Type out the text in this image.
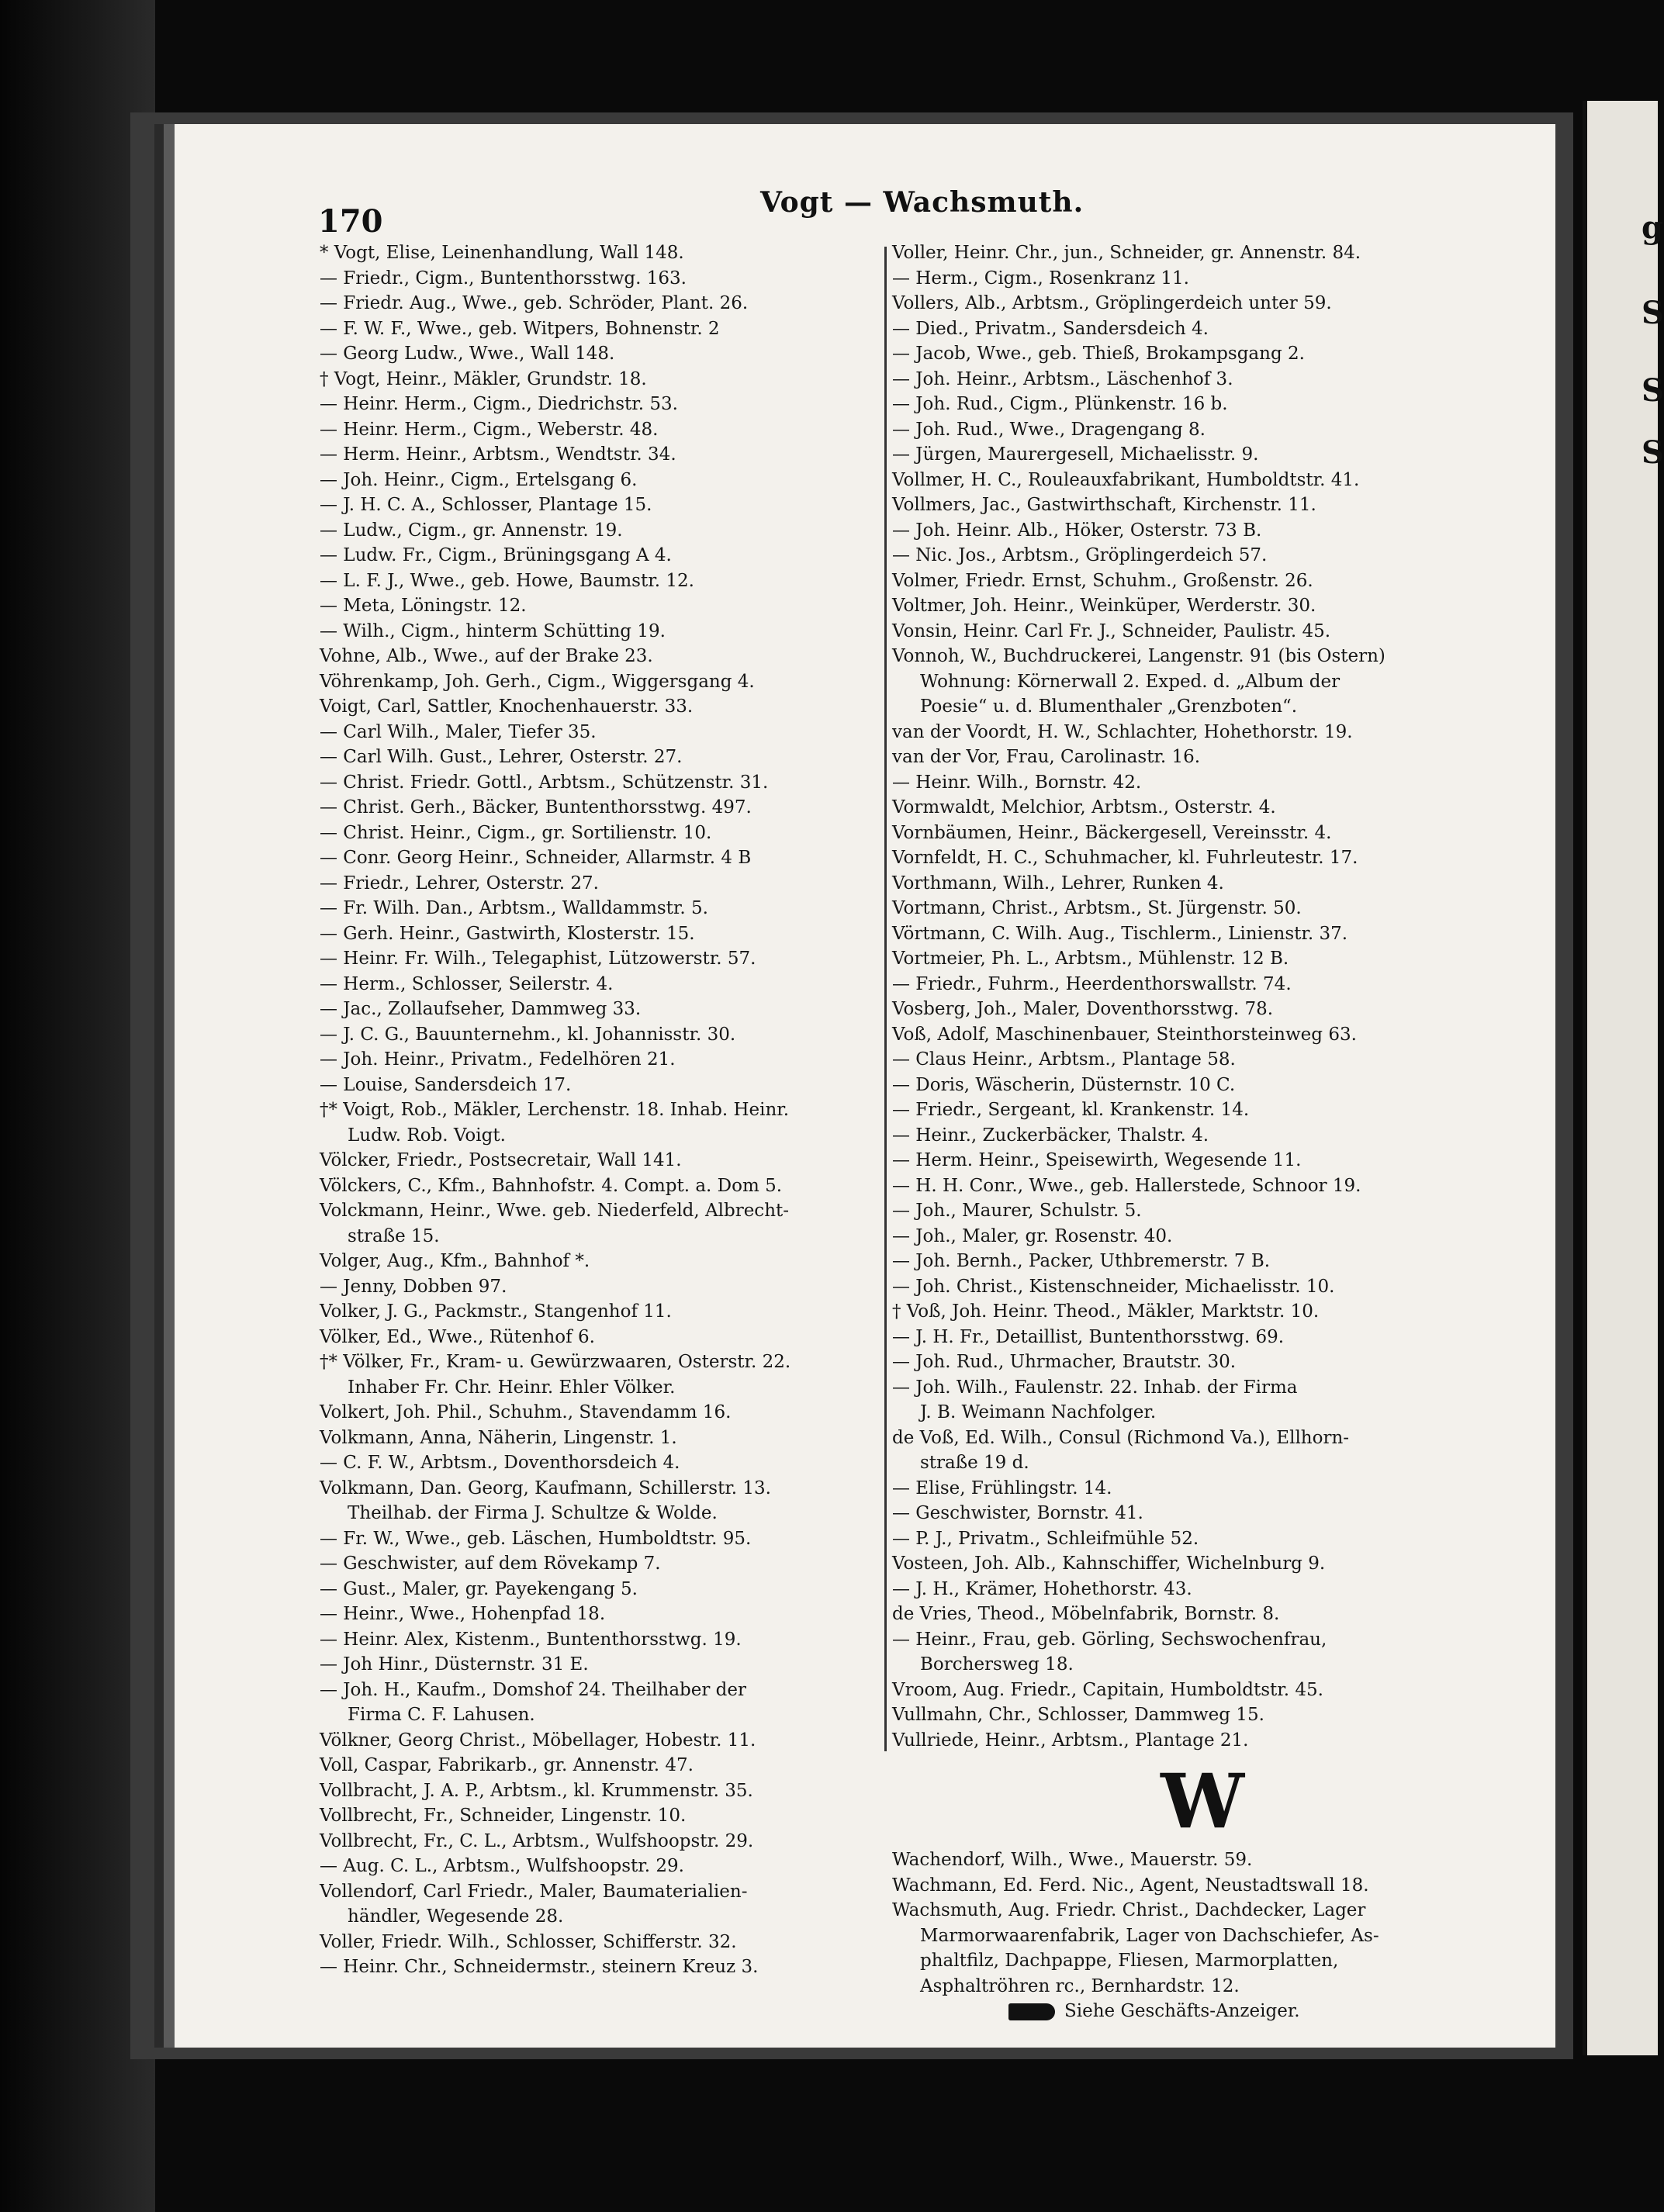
g
S
S
S
170
Vogt — Wachsmuth.
* Vogt, Elise, Leinenhandlung, Wall 148.
— Friedr., Cigm., Buntenthorsstwg. 163.
— Friedr. Aug., Wwe., geb. Schröder, Plant. 26.
— F. W. F., Wwe., geb. Witpers, Bohnenstr. 2
— Georg Ludw., Wwe., Wall 148.
† Vogt, Heinr., Mäkler, Grundstr. 18.
— Heinr. Herm., Cigm., Diedrichstr. 53.
— Heinr. Herm., Cigm., Weberstr. 48.
— Herm. Heinr., Arbtsm., Wendtstr. 34.
— Joh. Heinr., Cigm., Ertelsgang 6.
— J. H. C. A., Schlosser, Plantage 15.
— Ludw., Cigm., gr. Annenstr. 19.
— Ludw. Fr., Cigm., Brüningsgang A 4.
— L. F. J., Wwe., geb. Howe, Baumstr. 12.
— Meta, Löningstr. 12.
— Wilh., Cigm., hinterm Schütting 19.
Vohne, Alb., Wwe., auf der Brake 23.
Vöhrenkamp, Joh. Gerh., Cigm., Wiggersgang 4.
Voigt, Carl, Sattler, Knochenhauerstr. 33.
— Carl Wilh., Maler, Tiefer 35.
— Carl Wilh. Gust., Lehrer, Osterstr. 27.
— Christ. Friedr. Gottl., Arbtsm., Schützenstr. 31.
— Christ. Gerh., Bäcker, Buntenthorsstwg. 497.
— Christ. Heinr., Cigm., gr. Sortilienstr. 10.
— Conr. Georg Heinr., Schneider, Allarmstr. 4 B
— Friedr., Lehrer, Osterstr. 27.
— Fr. Wilh. Dan., Arbtsm., Walldammstr. 5.
— Gerh. Heinr., Gastwirth, Klosterstr. 15.
— Heinr. Fr. Wilh., Telegaphist, Lützowerstr. 57.
— Herm., Schlosser, Seilerstr. 4.
— Jac., Zollaufseher, Dammweg 33.
— J. C. G., Bauunternehm., kl. Johannisstr. 30.
— Joh. Heinr., Privatm., Fedelhören 21.
— Louise, Sandersdeich 17.
†* Voigt, Rob., Mäkler, Lerchenstr. 18. Inhab. Heinr.
Ludw. Rob. Voigt.
Völcker, Friedr., Postsecretair, Wall 141.
Völckers, C., Kfm., Bahnhofstr. 4. Compt. a. Dom 5.
Volckmann, Heinr., Wwe. geb. Niederfeld, Albrecht-
straße 15.
Volger, Aug., Kfm., Bahnhof *.
— Jenny, Dobben 97.
Volker, J. G., Packmstr., Stangenhof 11.
Völker, Ed., Wwe., Rütenhof 6.
†* Völker, Fr., Kram- u. Gewürzwaaren, Osterstr. 22.
Inhaber Fr. Chr. Heinr. Ehler Völker.
Volkert, Joh. Phil., Schuhm., Stavendamm 16.
Volkmann, Anna, Näherin, Lingenstr. 1.
— C. F. W., Arbtsm., Doventhorsdeich 4.
Volkmann, Dan. Georg, Kaufmann, Schillerstr. 13.
Theilhab. der Firma J. Schultze & Wolde.
— Fr. W., Wwe., geb. Läschen, Humboldtstr. 95.
— Geschwister, auf dem Rövekamp 7.
— Gust., Maler, gr. Payekengang 5.
— Heinr., Wwe., Hohenpfad 18.
— Heinr. Alex, Kistenm., Buntenthorsstwg. 19.
— Joh Hinr., Düsternstr. 31 E.
— Joh. H., Kaufm., Domshof 24. Theilhaber der
Firma C. F. Lahusen.
Völkner, Georg Christ., Möbellager, Hobestr. 11.
Voll, Caspar, Fabrikarb., gr. Annenstr. 47.
Vollbracht, J. A. P., Arbtsm., kl. Krummenstr. 35.
Vollbrecht, Fr., Schneider, Lingenstr. 10.
Vollbrecht, Fr., C. L., Arbtsm., Wulfshoopstr. 29.
— Aug. C. L., Arbtsm., Wulfshoopstr. 29.
Vollendorf, Carl Friedr., Maler, Baumaterialien-
händler, Wegesende 28.
Voller, Friedr. Wilh., Schlosser, Schifferstr. 32.
— Heinr. Chr., Schneidermstr., steinern Kreuz 3.
Voller, Heinr. Chr., jun., Schneider, gr. Annenstr. 84.
— Herm., Cigm., Rosenkranz 11.
Vollers, Alb., Arbtsm., Gröplingerdeich unter 59.
— Died., Privatm., Sandersdeich 4.
— Jacob, Wwe., geb. Thieß, Brokampsgang 2.
— Joh. Heinr., Arbtsm., Läschenhof 3.
— Joh. Rud., Cigm., Plünkenstr. 16 b.
— Joh. Rud., Wwe., Dragengang 8.
— Jürgen, Maurergesell, Michaelisstr. 9.
Vollmer, H. C., Rouleauxfabrikant, Humboldtstr. 41.
Vollmers, Jac., Gastwirthschaft, Kirchenstr. 11.
— Joh. Heinr. Alb., Höker, Osterstr. 73 B.
— Nic. Jos., Arbtsm., Gröplingerdeich 57.
Volmer, Friedr. Ernst, Schuhm., Großenstr. 26.
Voltmer, Joh. Heinr., Weinküper, Werderstr. 30.
Vonsin, Heinr. Carl Fr. J., Schneider, Paulistr. 45.
Vonnoh, W., Buchdruckerei, Langenstr. 91 (bis Ostern)
Wohnung: Körnerwall 2. Exped. d. „Album der
Poesie“ u. d. Blumenthaler „Grenzboten“.
van der Voordt, H. W., Schlachter, Hohethorstr. 19.
van der Vor, Frau, Carolinastr. 16.
— Heinr. Wilh., Bornstr. 42.
Vormwaldt, Melchior, Arbtsm., Osterstr. 4.
Vornbäumen, Heinr., Bäckergesell, Vereinsstr. 4.
Vornfeldt, H. C., Schuhmacher, kl. Fuhrleutestr. 17.
Vorthmann, Wilh., Lehrer, Runken 4.
Vortmann, Christ., Arbtsm., St. Jürgenstr. 50.
Vörtmann, C. Wilh. Aug., Tischlerm., Linienstr. 37.
Vortmeier, Ph. L., Arbtsm., Mühlenstr. 12 B.
— Friedr., Fuhrm., Heerdenthorswallstr. 74.
Vosberg, Joh., Maler, Doventhorsstwg. 78.
Voß, Adolf, Maschinenbauer, Steinthorsteinweg 63.
— Claus Heinr., Arbtsm., Plantage 58.
— Doris, Wäscherin, Düsternstr. 10 C.
— Friedr., Sergeant, kl. Krankenstr. 14.
— Heinr., Zuckerbäcker, Thalstr. 4.
— Herm. Heinr., Speisewirth, Wegesende 11.
— H. H. Conr., Wwe., geb. Hallerstede, Schnoor 19.
— Joh., Maurer, Schulstr. 5.
— Joh., Maler, gr. Rosenstr. 40.
— Joh. Bernh., Packer, Uthbremerstr. 7 B.
— Joh. Christ., Kistenschneider, Michaelisstr. 10.
† Voß, Joh. Heinr. Theod., Mäkler, Marktstr. 10.
— J. H. Fr., Detaillist, Buntenthorsstwg. 69.
— Joh. Rud., Uhrmacher, Brautstr. 30.
— Joh. Wilh., Faulenstr. 22. Inhab. der Firma
J. B. Weimann Nachfolger.
de Voß, Ed. Wilh., Consul (Richmond Va.), Ellhorn-
straße 19 d.
— Elise, Frühlingstr. 14.
— Geschwister, Bornstr. 41.
— P. J., Privatm., Schleifmühle 52.
Vosteen, Joh. Alb., Kahnschiffer, Wichelnburg 9.
— J. H., Krämer, Hohethorstr. 43.
de Vries, Theod., Möbelnfabrik, Bornstr. 8.
— Heinr., Frau, geb. Görling, Sechswochenfrau,
Borchersweg 18.
Vroom, Aug. Friedr., Capitain, Humboldtstr. 45.
Vullmahn, Chr., Schlosser, Dammweg 15.
Vullriede, Heinr., Arbtsm., Plantage 21.
W
Wachendorf, Wilh., Wwe., Mauerstr. 59.
Wachmann, Ed. Ferd. Nic., Agent, Neustadtswall 18.
Wachsmuth, Aug. Friedr. Christ., Dachdecker, Lager
Marmorwaarenfabrik, Lager von Dachschiefer, As-
phaltfilz, Dachpappe, Fliesen, Marmorplatten,
Asphaltröhren rc., Bernhardstr. 12.
Siehe Geschäfts-Anzeiger.
